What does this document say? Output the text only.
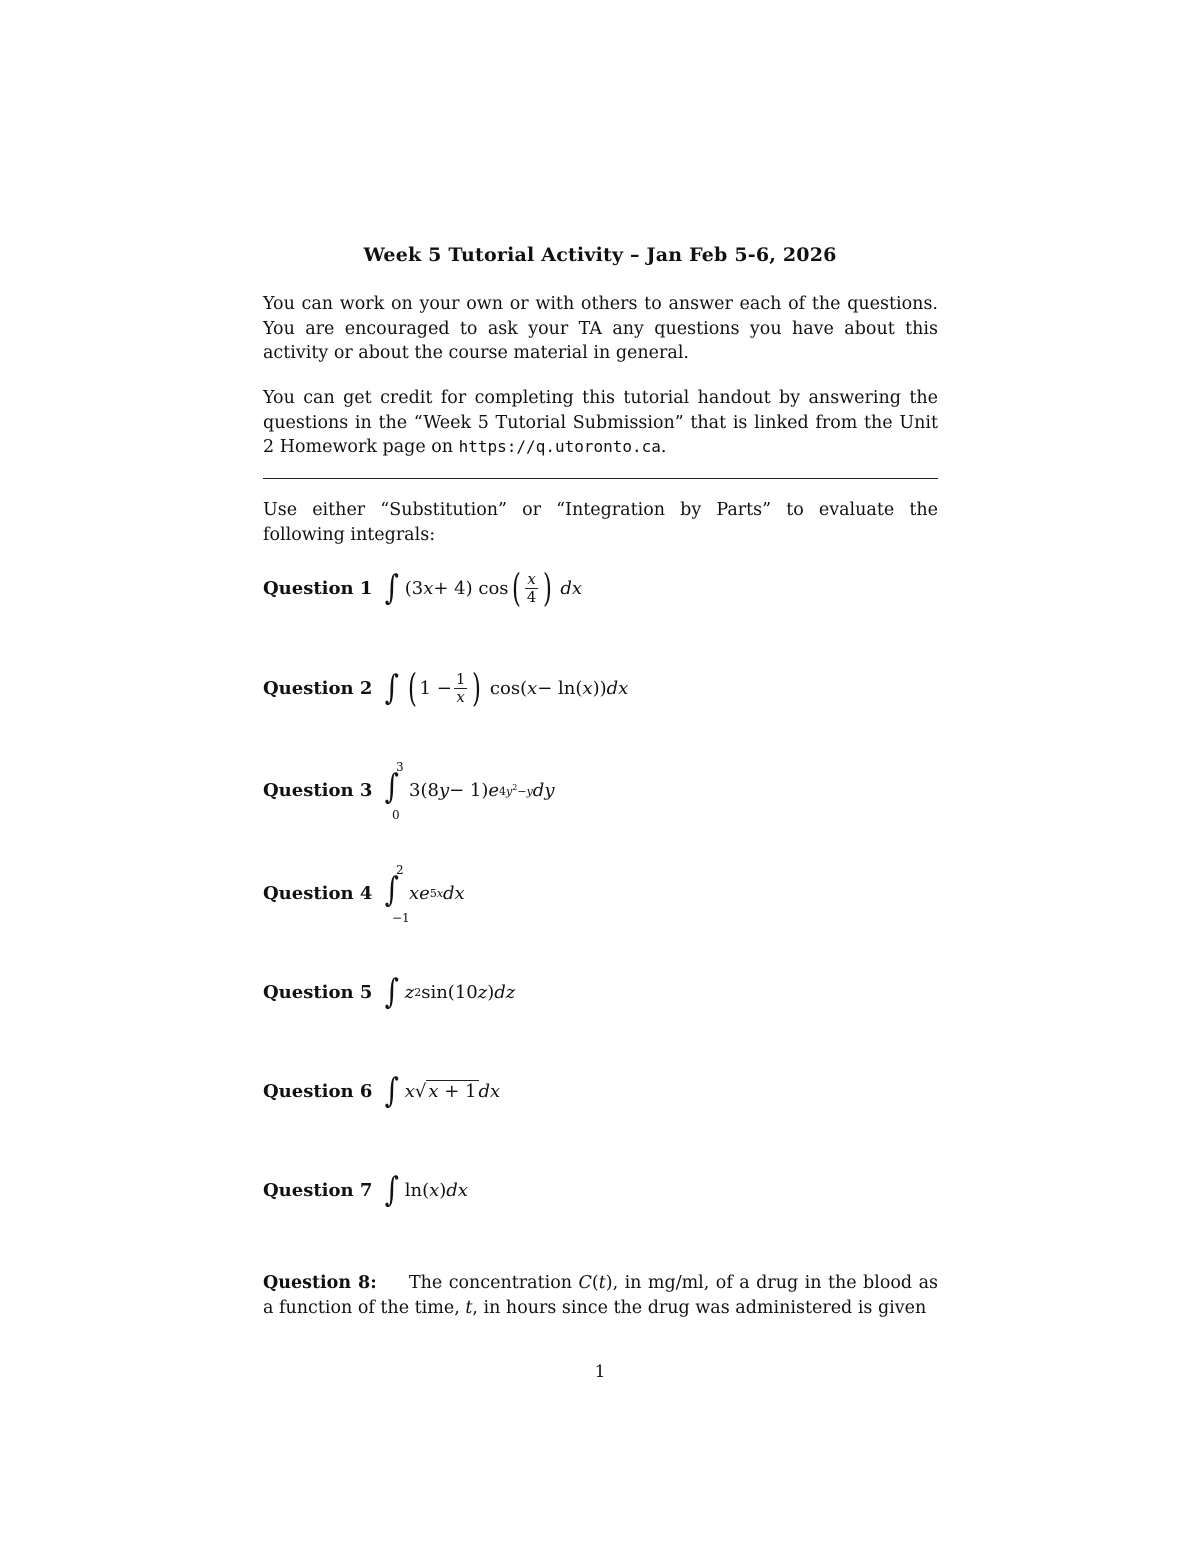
Week 5 Tutorial Activity – Jan Feb 5-6, 2026
You can work on your own or with others to answer each of the questions. You are encouraged to ask your TA any questions you have about this activity or about the course material in general.
You can get credit for completing this tutorial handout by answering the questions in the “Week 5 Tutorial Submission” that is linked from the Unit 2 Homework page on https://q.utoronto.ca.
Use either “Substitution” or “Integration by Parts” to evaluate the following integrals:
Question 1 ∫ (3 x + 4) cos ( $\frac{x}{4}$ )
dx
Question 2 ∫ ( $1 - \frac{1}{x}$ ) cos( x − ln( x )) dx
Question 3 ∫
3
0
3(8 y − 1) e $4y^2-y$ dy
Question 4 ∫
2
−1
xe 5x dx
Question 5 ∫ z 2 sin(10 z ) dz
Question 6 ∫ x √ x + 1 dx
Question 7 ∫ ln( x ) dx
Question 8: The concentration C(t), in mg/ml, of a drug in the blood as a function of the time, t, in hours since the drug was administered is given
1
